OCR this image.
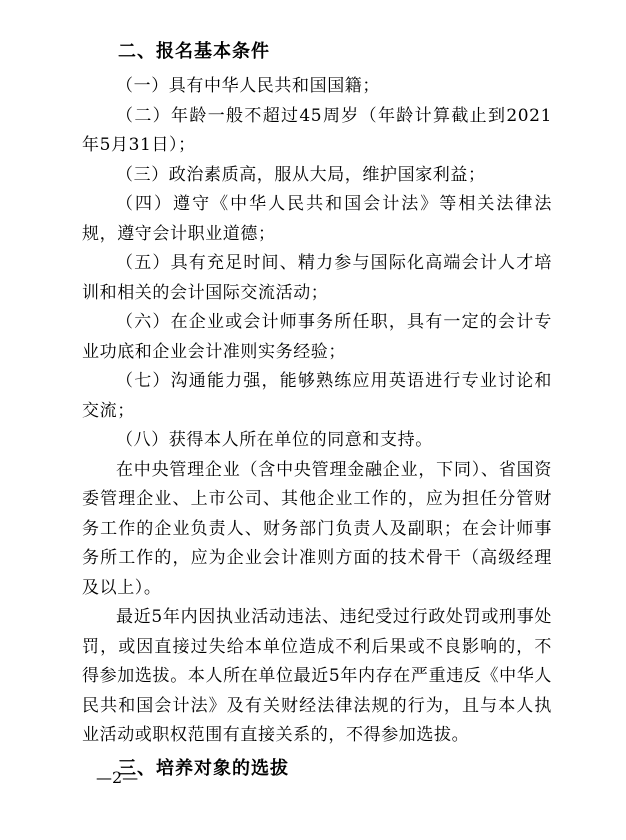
二、报名基本条件

（一）具有中华人民共和国国籍；

（二）年龄一般不超过45周岁（年龄计算截止到2021年5月31日）；

（三）政治素质高，服从大局，维护国家利益；

（四）遵守《中华人民共和国会计法》等相关法律法规，遵守会计职业道德；

（五）具有充足时间、精力参与国际化高端会计人才培训和相关的会计国际交流活动；

（六）在企业或会计师事务所任职，具有一定的会计专业功底和企业会计准则实务经验；

（七）沟通能力强，能够熟练应用英语进行专业讨论和交流；

（八）获得本人所在单位的同意和支持。

在中央管理企业（含中央管理金融企业，下同）、省国资委管理企业、上市公司、其他企业工作的，应为担任分管财务工作的企业负责人、财务部门负责人及副职；在会计师事务所工作的，应为企业会计准则方面的技术骨干（高级经理及以上）。

最近5年内因执业活动违法、违纪受过行政处罚或刑事处罚，或因直接过失给本单位造成不利后果或不良影响的，不得参加选拔。本人所在单位最近5年内存在严重违反《中华人民共和国会计法》及有关财经法律法规的行为，且与本人执业活动或职权范围有直接关系的，不得参加选拔。

三、培养对象的选拔
—2—
